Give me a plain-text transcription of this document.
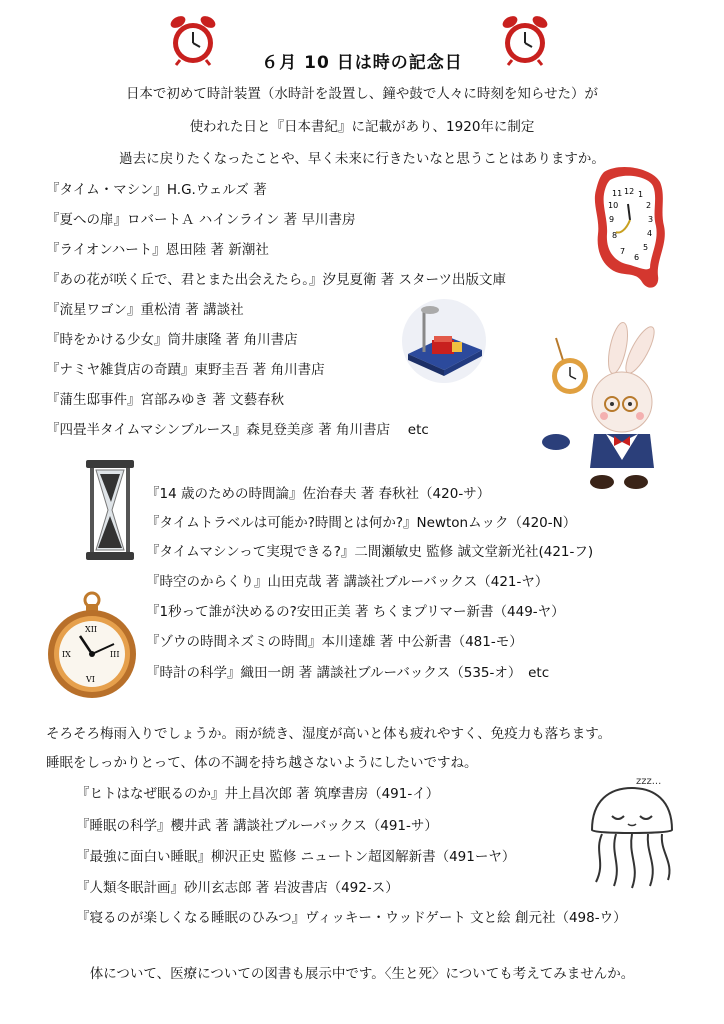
６月 10 日は時の記念日
日本で初めて時計装置（水時計を設置し、鐘や鼓で人々に時刻を知らせた）が
使われた日と『日本書紀』に記載があり、1920年に制定
過去に戻りたくなったことや、早く未来に行きたいなと思うことはありますか。
『タイム・マシン』H.G.ウェルズ 著
『夏への扉』ロバートＡ ハインライン 著 早川書房
『ライオンハート』恩田陸 著 新潮社
『あの花が咲く丘で、君とまた出会えたら。』汐見夏衛 著 スターツ出版文庫
『流星ワゴン』重松清 著 講談社
『時をかける少女』筒井康隆 著 角川書店
『ナミヤ雑貨店の奇蹟』東野圭吾 著 角川書店
『蒲生邸事件』宮部みゆき 著 文藝春秋
『四畳半タイムマシンブルース』森見登美彦 著 角川書店　 etc
12 1
2
3
4
5
6
7
8
9
10
11
『14 歳のための時間論』佐治春夫 著 春秋社（420-サ）
『タイムトラベルは可能か?時間とは何か?』Newtonムック（420-N）
『タイムマシンって実現できる?』二間瀬敏史 監修 誠文堂新光社(421-フ)
『時空のからくり』山田克哉 著 講談社ブルーバックス（421-ヤ）
『1秒って誰が決めるの?安田正美 著 ちくまプリマー新書（449-ヤ）
『ゾウの時間ネズミの時間』本川達雄 著 中公新書（481-モ）
『時計の科学』織田一朗 著 講談社ブルーバックス（535-オ）　etc
XII
III
VI
IX
そろそろ梅雨入りでしょうか。雨が続き、湿度が高いと体も疲れやすく、免疫力も落ちます。
睡眠をしっかりとって、体の不調を持ち越さないようにしたいですね。
『ヒトはなぜ眠るのか』井上昌次郎 著 筑摩書房（491-イ）
『睡眠の科学』櫻井武 著 講談社ブルーバックス（491-サ）
『最強に面白い睡眠』柳沢正史 監修 ニュートン超図解新書（491ーヤ）
『人類冬眠計画』砂川玄志郎 著 岩波書店（492-ス）
『寝るのが楽しくなる睡眠のひみつ』ヴィッキー・ウッドゲート 文と絵 創元社（498-ウ）
zzz...
体について、医療についての図書も展示中です。〈生と死〉についても考えてみませんか。
